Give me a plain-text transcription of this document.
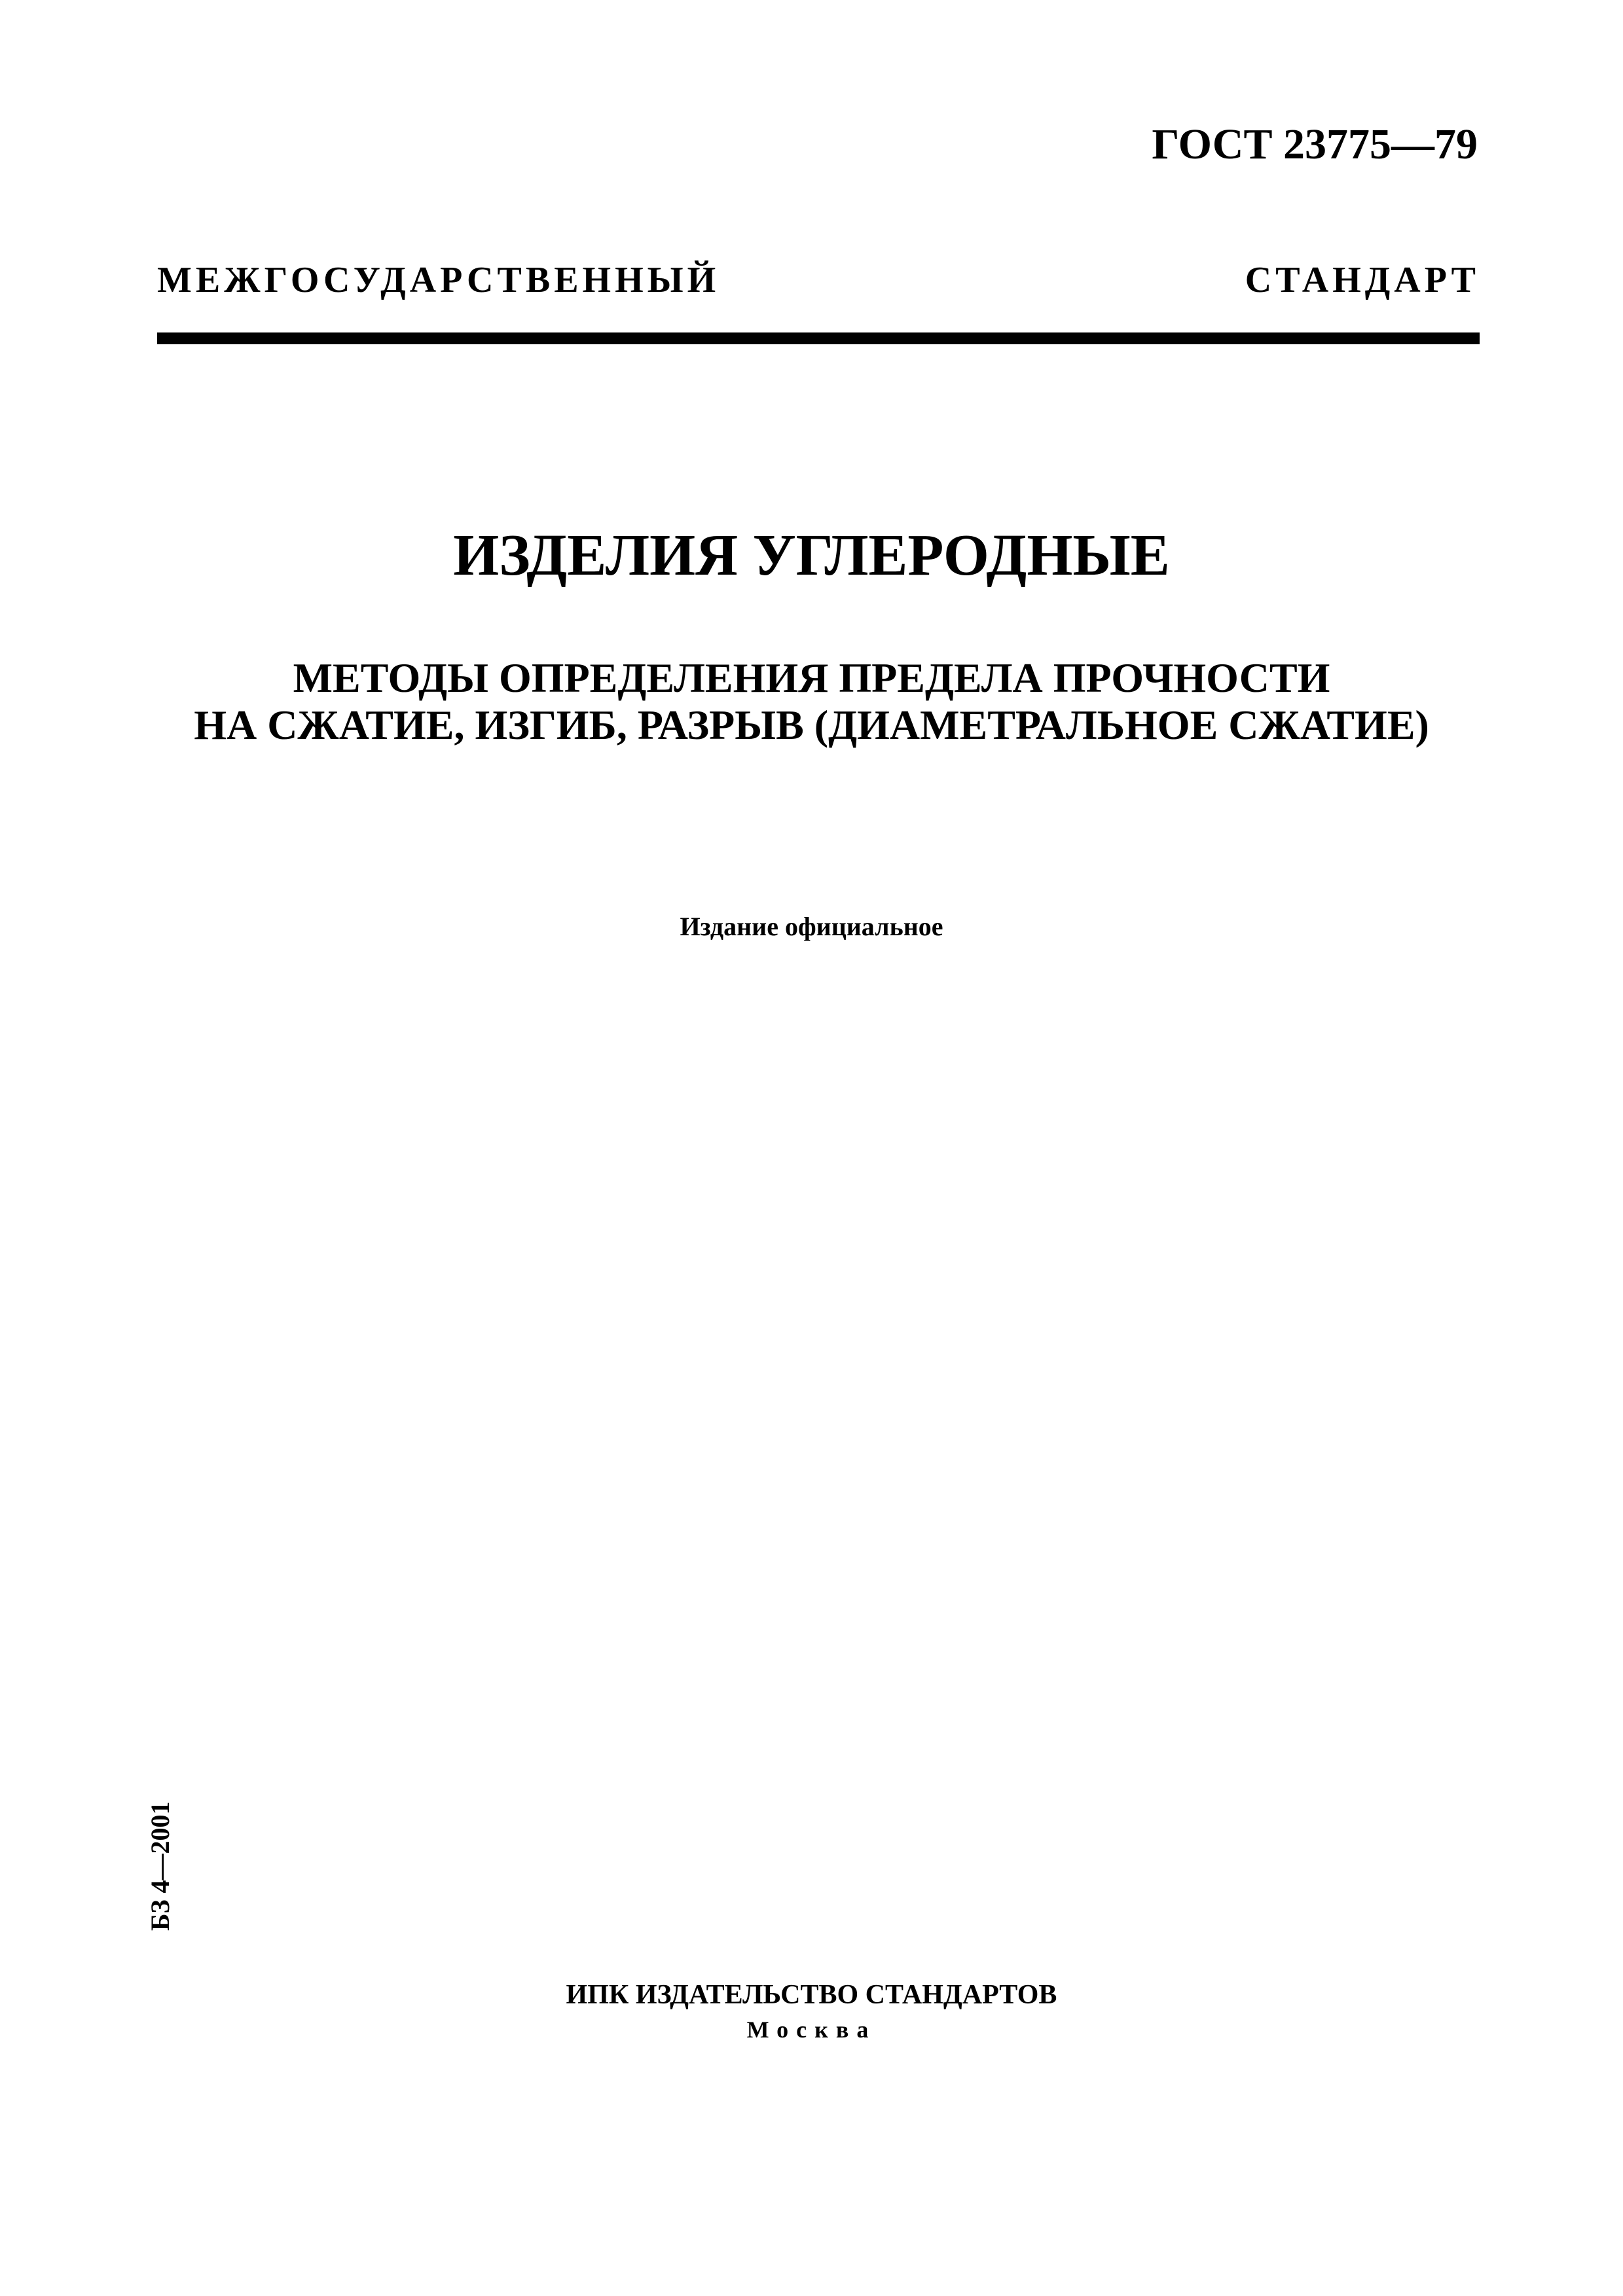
ГОСТ 23775—79
МЕЖГОСУДАРСТВЕННЫЙ СТАНДАРТ
ИЗДЕЛИЯ УГЛЕРОДНЫЕ
МЕТОДЫ ОПРЕДЕЛЕНИЯ ПРЕДЕЛА ПРОЧНОСТИ
НА СЖАТИЕ, ИЗГИБ, РАЗРЫВ (ДИАМЕТРАЛЬНОЕ СЖАТИЕ)
Издание официальное
БЗ 4—2001
ИПК ИЗДАТЕЛЬСТВО СТАНДАРТОВ
Москва
